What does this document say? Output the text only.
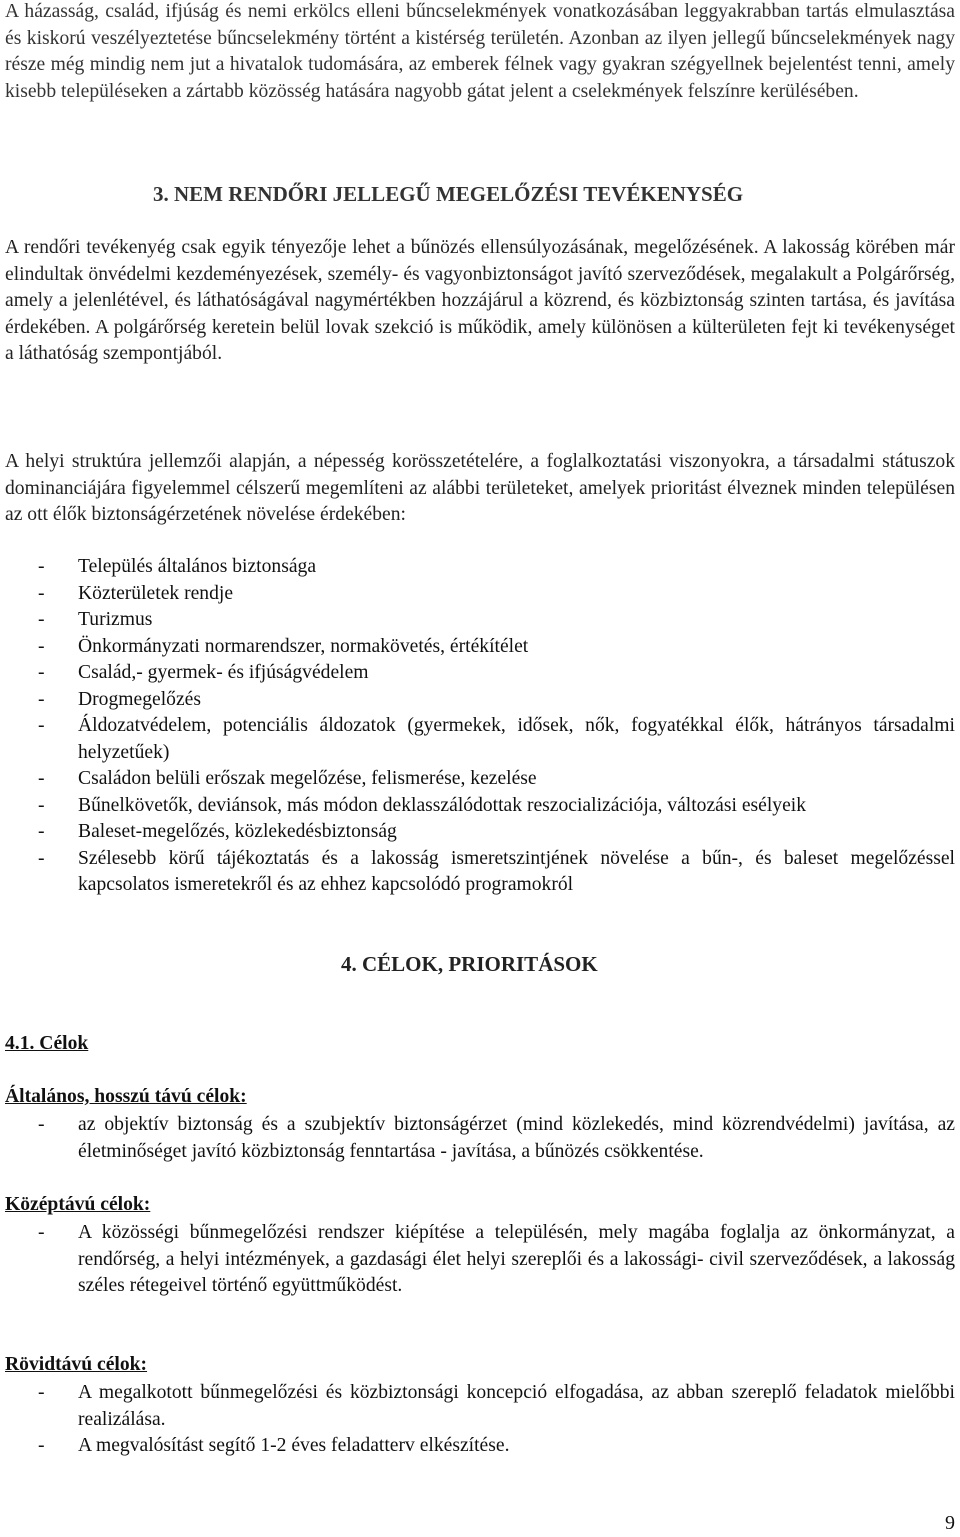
A házasság, család, ifjúság és nemi erkölcs elleni bűncselekmények vonatkozásában leggyakrabban tartás elmulasztása és kiskorú veszélyeztetése bűncselekmény történt a kistérség területén. Azonban az ilyen jellegű bűncselekmények nagy része még mindig nem jut a hivatalok tudomására, az emberek félnek vagy gyakran szégyellnek bejelentést tenni, amely kisebb településeken a zártabb közösség hatására nagyobb gátat jelent a cselekmények felszínre kerülésében.

3. NEM RENDŐRI JELLEGŰ MEGELŐZÉSI TEVÉKENYSÉG

A rendőri tevékenyég csak egyik tényezője lehet a bűnözés ellensúlyozásának, megelőzésének. A lakosság körében már elindultak önvédelmi kezdeményezések, személy- és vagyonbiztonságot javító szerveződések, megalakult a Polgárőrség, amely a jelenlétével, és láthatóságával nagymértékben hozzájárul a közrend, és közbiztonság szinten tartása, és javítása érdekében. A polgárőrség keretein belül lovak szekció is működik, amely különösen a külterületen fejt ki tevékenységet a láthatóság szempontjából.

A helyi struktúra jellemzői alapján, a népesség korösszetételére, a foglalkoztatási viszonyokra, a társadalmi státuszok dominanciájára figyelemmel célszerű megemlíteni az alábbi területeket, amelyek prioritást élveznek minden településen az ott élők biztonságérzetének növelése érdekében:

- Település általános biztonsága
- Közterületek rendje
- Turizmus
- Önkormányzati normarendszer, normakövetés, értékítélet
- Család,- gyermek- és ifjúságvédelem
- Drogmegelőzés
- Áldozatvédelem, potenciális áldozatok (gyermekek, idősek, nők, fogyatékkal élők, hátrányos társadalmi helyzetűek)
- Családon belüli erőszak megelőzése, felismerése, kezelése
- Bűnelkövetők, deviánsok, más módon deklasszálódottak reszocializációja, változási esélyeik
- Baleset-megelőzés, közlekedésbiztonság
- Szélesebb körű tájékoztatás és a lakosság ismeretszintjének növelése a bűn-, és baleset megelőzéssel kapcsolatos ismeretekről és az ehhez kapcsolódó programokról
4. CÉLOK, PRIORITÁSOK
4.1. Célok
Általános, hosszú távú célok:
- az objektív biztonság és a szubjektív biztonságérzet (mind közlekedés, mind közrendvédelmi) javítása, az életminőséget javító közbiztonság fenntartása - javítása, a bűnözés csökkentése.
Középtávú célok:
- A közösségi bűnmegelőzési rendszer kiépítése a településén, mely magába foglalja az önkormányzat, a rendőrség, a helyi intézmények, a gazdasági élet helyi szereplői és a lakossági- civil szerveződések, a lakosság széles rétegeivel történő együttműködést.
Rövidtávú célok:
- A megalkotott bűnmegelőzési és közbiztonsági koncepció elfogadása, az abban szereplő feladatok mielőbbi realizálása.
- A megvalósítást segítő 1-2 éves feladatterv elkészítése.
9
